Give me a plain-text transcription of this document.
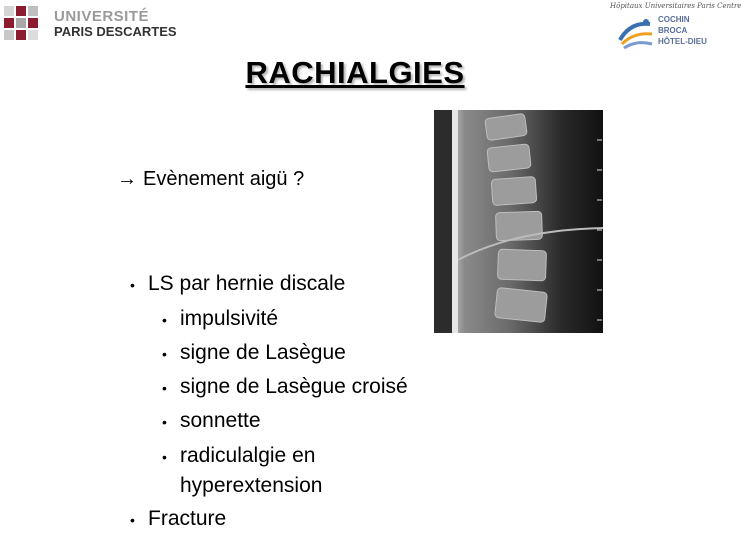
UNIVERSITÉ
PARIS DESCARTES
Hôpitaux Universitaires Paris Centre
COCHIN
BROCA
HÔTEL-DIEU
RACHIALGIES
→ Evènement aigü ?
• LS par hernie discale
• impulsivité
• signe de Lasègue
• signe de Lasègue croisé
• sonnette
• radiculalgie en
hyperextension
• Fracture
